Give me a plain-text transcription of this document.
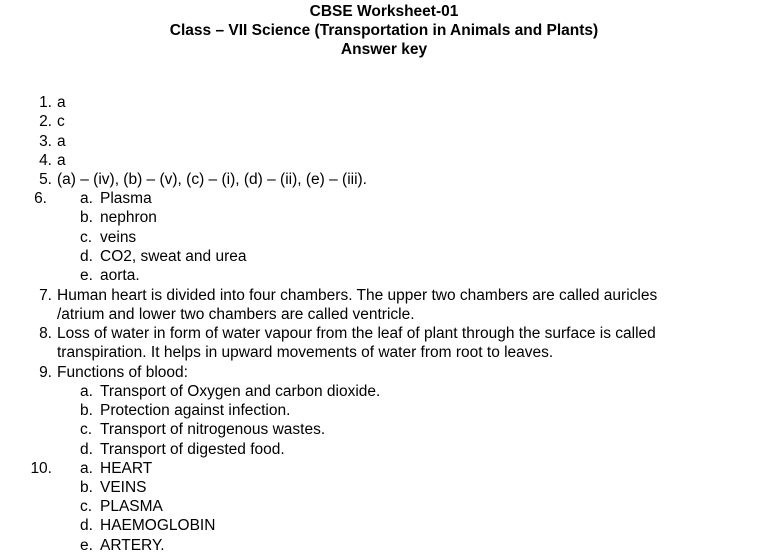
CBSE Worksheet-01
Class – VII Science (Transportation in Animals and Plants)
Answer key
1. a
2. c
3. a
4. a
5. (a) – (iv), (b) – (v), (c) – (i), (d) – (ii), (e) – (iii).
6. a. Plasma
b. nephron
c. veins
d. CO2, sweat and urea
e. aorta.
7. Human heart is divided into four chambers. The upper two chambers are called auricles
/atrium and lower two chambers are called ventricle.
8. Loss of water in form of water vapour from the leaf of plant through the surface is called
transpiration. It helps in upward movements of water from root to leaves.
9. Functions of blood:
a. Transport of Oxygen and carbon dioxide.
b. Protection against infection.
c. Transport of nitrogenous wastes.
d. Transport of digested food.
10. a. HEART
b. VEINS
c. PLASMA
d. HAEMOGLOBIN
e. ARTERY.
